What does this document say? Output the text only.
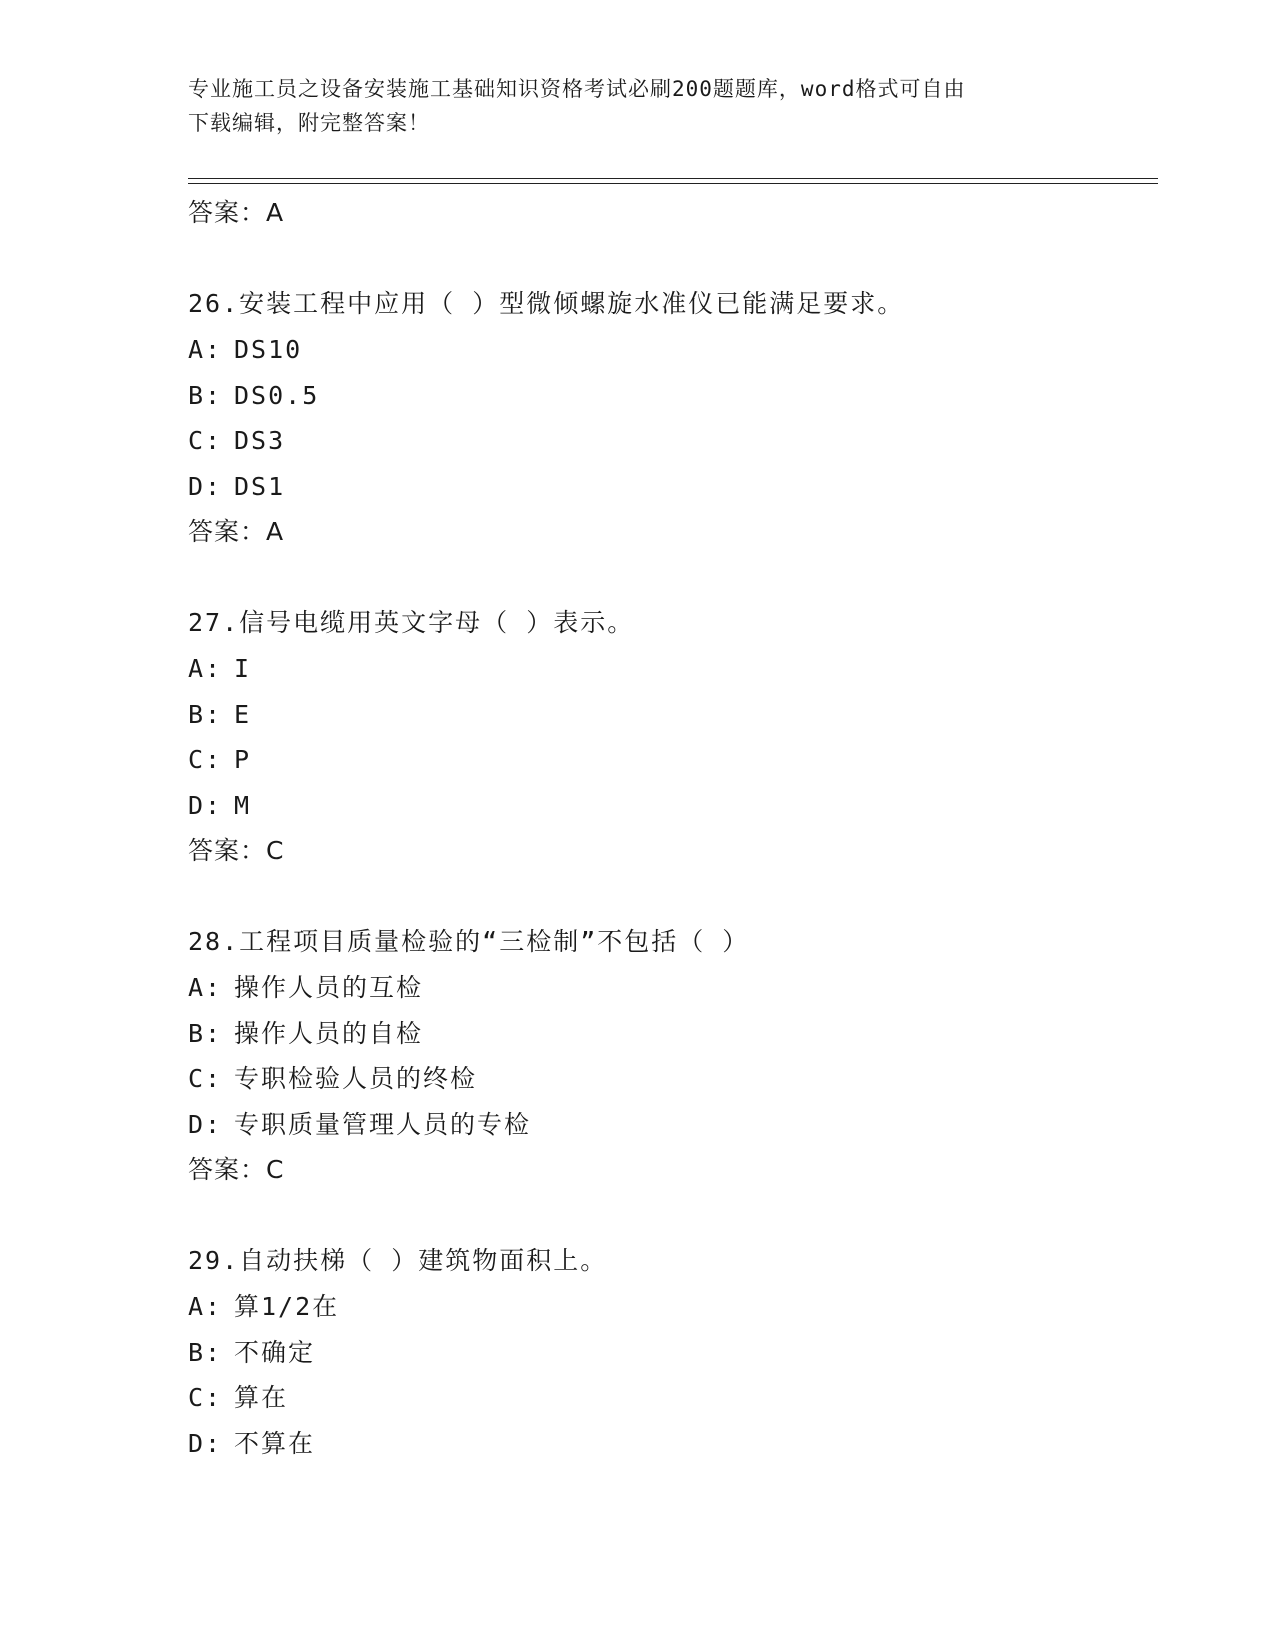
专业施工员之设备安装施工基础知识资格考试必刷200题题库，word格式可自由
下载编辑，附完整答案！
答案：A
26.安装工程中应用（ ）型微倾螺旋水准仪已能满足要求。
A: DS10
B: DS0.5
C: DS3
D: DS1
答案：A
27.信号电缆用英文字母（ ）表示。
A: I
B: E
C: P
D: M
答案：C
28.工程项目质量检验的“三检制”不包括（ ）
A: 操作人员的互检
B: 操作人员的自检
C: 专职检验人员的终检
D: 专职质量管理人员的专检
答案：C
29.自动扶梯（ ）建筑物面积上。
A: 算1/2在
B: 不确定
C: 算在
D: 不算在
